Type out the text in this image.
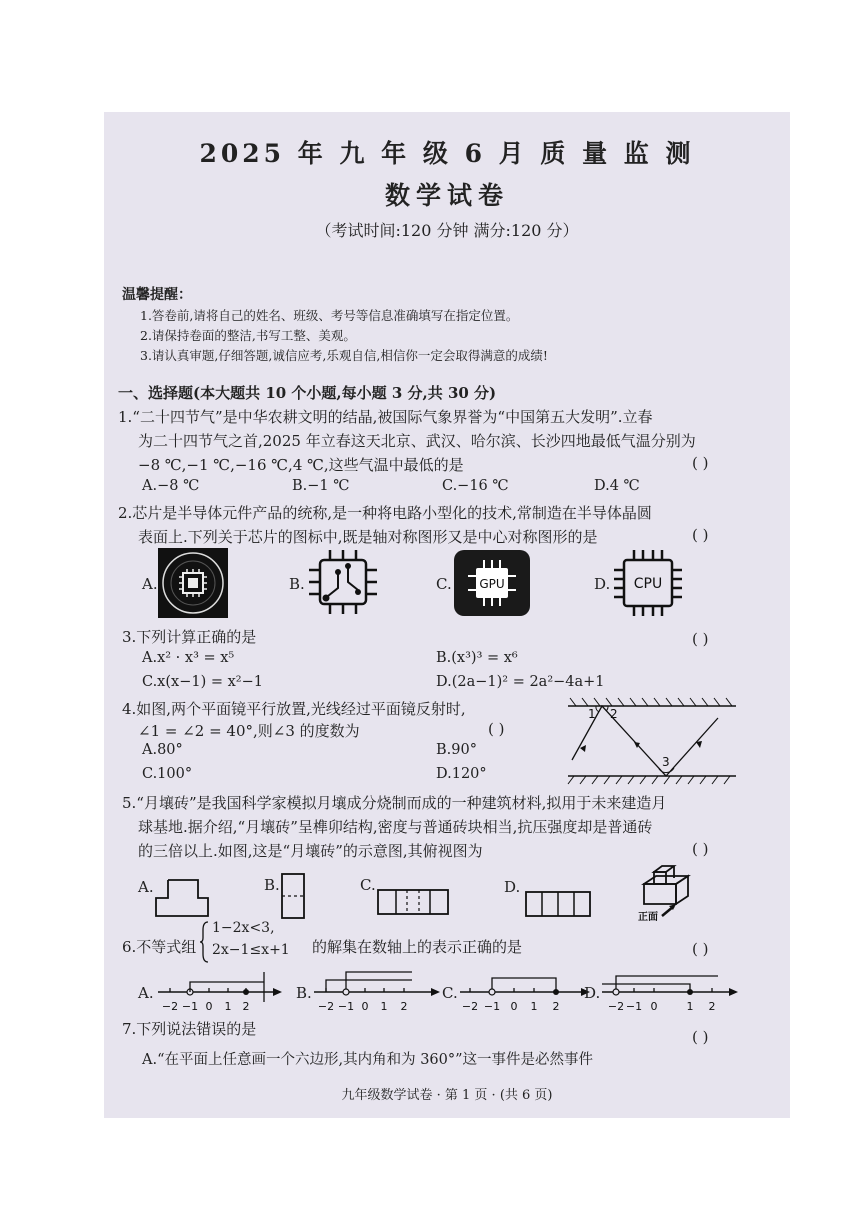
2025 年 九 年 级 6 月 质 量 监 测
数学试卷
（考试时间:120 分钟 满分:120 分）
温馨提醒：
1.答卷前,请将自己的姓名、班级、考号等信息准确填写在指定位置。
2.请保持卷面的整洁,书写工整、美观。
3.请认真审题,仔细答题,诚信应考,乐观自信,相信你一定会取得满意的成绩!
一、选择题(本大题共 10 个小题,每小题 3 分,共 30 分)
1.“二十四节气”是中华农耕文明的结晶,被国际气象界誉为“中国第五大发明”.立春
为二十四节气之首,2025 年立春这天北京、武汉、哈尔滨、长沙四地最低气温分别为
−8 ℃,−1 ℃,−16 ℃,4 ℃,这些气温中最低的是	( )
A.−8 ℃	B.−1 ℃	C.−16 ℃	D.4 ℃
2.芯片是半导体元件产品的统称,是一种将电路小型化的技术,常制造在半导体晶圆
表面上.下列关于芯片的图标中,既是轴对称图形又是中心对称图形的是	( )
A.	B.	C. GPU	D. CPU
3.下列计算正确的是	( )
A.x² · x³ = x⁵	B.(x³)³ = x⁶
C.x(x−1) = x²−1	D.(2a−1)² = 2a²−4a+1
4.如图,两个平面镜平行放置,光线经过平面镜反射时,
∠1 = ∠2 = 40°,则∠3 的度数为	( )
A.80°	B.90°
C.100°	D.120°
1 2
3
5.“月壤砖”是我国科学家模拟月壤成分烧制而成的一种建筑材料,拟用于未来建造月
球基地.据介绍,“月壤砖”呈榫卯结构,密度与普通砖块相当,抗压强度却是普通砖
的三倍以上.如图,这是“月壤砖”的示意图,其俯视图为	( )
A.	B.	C.	D.
正面
6.不等式组
1−2x<3,
2x−1≤x+1 的解集在数轴上的表示正确的是	( )
A.
−2 −1 0 1 2
B.
−2 −1 0 1 2
C.
−2 −1 0 1 2
D.
−2 −1 0	1 2
7.下列说法错误的是	( )
A.“在平面上任意画一个六边形,其内角和为 360°”这一事件是必然事件
九年级数学试卷 · 第 1 页 · (共 6 页)
